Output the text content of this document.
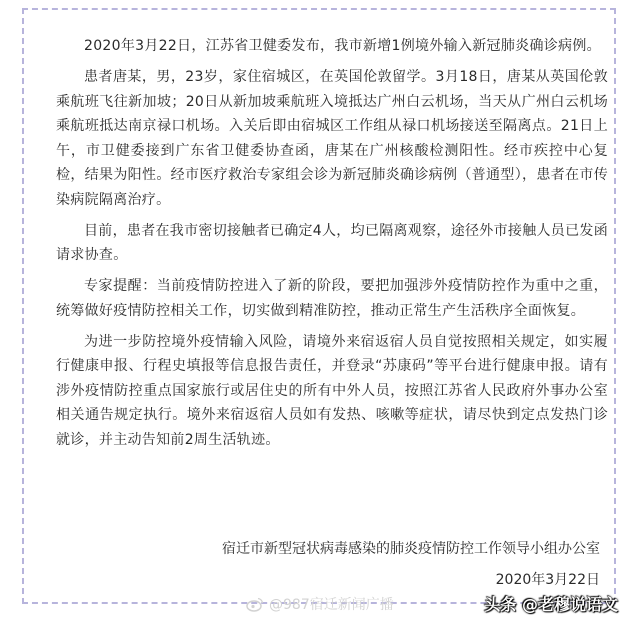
2020年3月22日，江苏省卫健委发布，我市新增1例境外输入新冠肺炎确诊病例。

患者唐某，男，23岁，家住宿城区，在英国伦敦留学。3月18日，唐某从英国伦敦乘航班飞往新加坡；20日从新加坡乘航班入境抵达广州白云机场，当天从广州白云机场乘航班抵达南京禄口机场。入关后即由宿城区工作组从禄口机场接送至隔离点。21日上午，市卫健委接到广东省卫健委协查函，唐某在广州核酸检测阳性。经市疾控中心复检，结果为阳性。经市医疗救治专家组会诊为新冠肺炎确诊病例（普通型），患者在市传染病院隔离治疗。

目前，患者在我市密切接触者已确定4人，均已隔离观察，途径外市接触人员已发函请求协查。

专家提醒：当前疫情防控进入了新的阶段，要把加强涉外疫情防控作为重中之重，统筹做好疫情防控相关工作，切实做到精准防控，推动正常生产生活秩序全面恢复。

为进一步防控境外疫情输入风险，请境外来宿返宿人员自觉按照相关规定，如实履行健康申报、行程史填报等信息报告责任，并登录“苏康码”等平台进行健康申报。请有涉外疫情防控重点国家旅行或居住史的所有中外人员，按照江苏省人民政府外事办公室相关通告规定执行。境外来宿返宿人员如有发热、咳嗽等症状，请尽快到定点发热门诊就诊，并主动告知前2周生活轨迹。

宿迁市新型冠状病毒感染的肺炎疫情防控工作领导小组办公室
2020年3月22日
@987宿迁新闻广播	头条 @老穆说语文
